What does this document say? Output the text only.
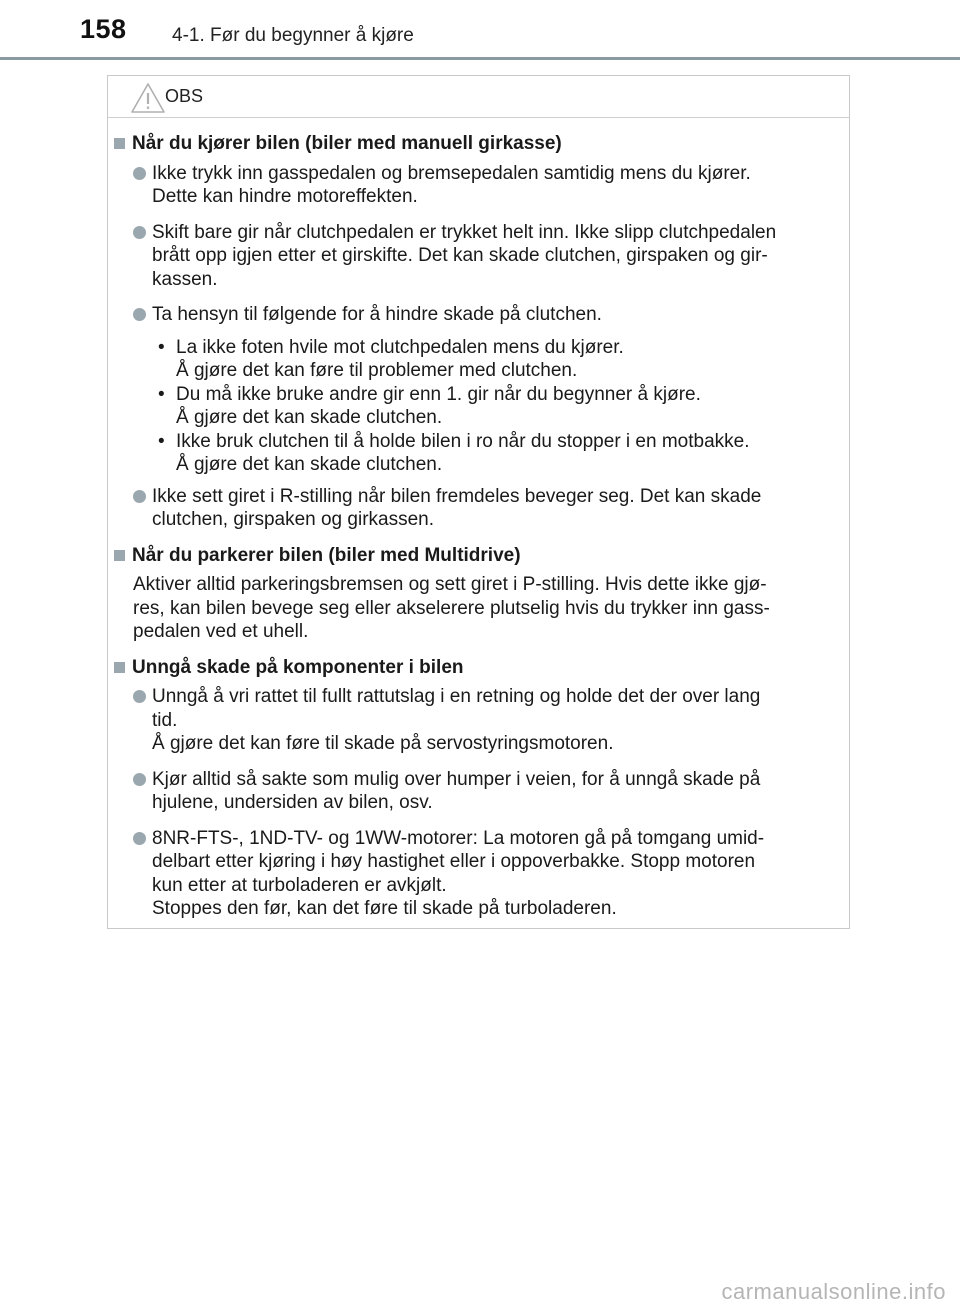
158 4-1. Før du begynner å kjøre
OBS
Når du kjører bilen (biler med manuell girkasse)
Ikke trykk inn gasspedalen og bremsepedalen samtidig mens du kjører.
Dette kan hindre motoreffekten.
Skift bare gir når clutchpedalen er trykket helt inn. Ikke slipp clutchpedalen
brått opp igjen etter et girskifte. Det kan skade clutchen, girspaken og gir-
kassen.
Ta hensyn til følgende for å hindre skade på clutchen.
• La ikke foten hvile mot clutchpedalen mens du kjører.
Å gjøre det kan føre til problemer med clutchen.
• Du må ikke bruke andre gir enn 1. gir når du begynner å kjøre.
Å gjøre det kan skade clutchen.
• Ikke bruk clutchen til å holde bilen i ro når du stopper i en motbakke.
Å gjøre det kan skade clutchen.
Ikke sett giret i R-stilling når bilen fremdeles beveger seg. Det kan skade
clutchen, girspaken og girkassen.
Når du parkerer bilen (biler med Multidrive)
Aktiver alltid parkeringsbremsen og sett giret i P-stilling. Hvis dette ikke gjø-
res, kan bilen bevege seg eller akselerere plutselig hvis du trykker inn gass-
pedalen ved et uhell.
Unngå skade på komponenter i bilen
Unngå å vri rattet til fullt rattutslag i en retning og holde det der over lang
tid.
Å gjøre det kan føre til skade på servostyringsmotoren.
Kjør alltid så sakte som mulig over humper i veien, for å unngå skade på
hjulene, undersiden av bilen, osv.
8NR-FTS-, 1ND-TV- og 1WW-motorer: La motoren gå på tomgang umid-
delbart etter kjøring i høy hastighet eller i oppoverbakke. Stopp motoren
kun etter at turboladeren er avkjølt.
Stoppes den før, kan det føre til skade på turboladeren.
carmanualsonline.info
